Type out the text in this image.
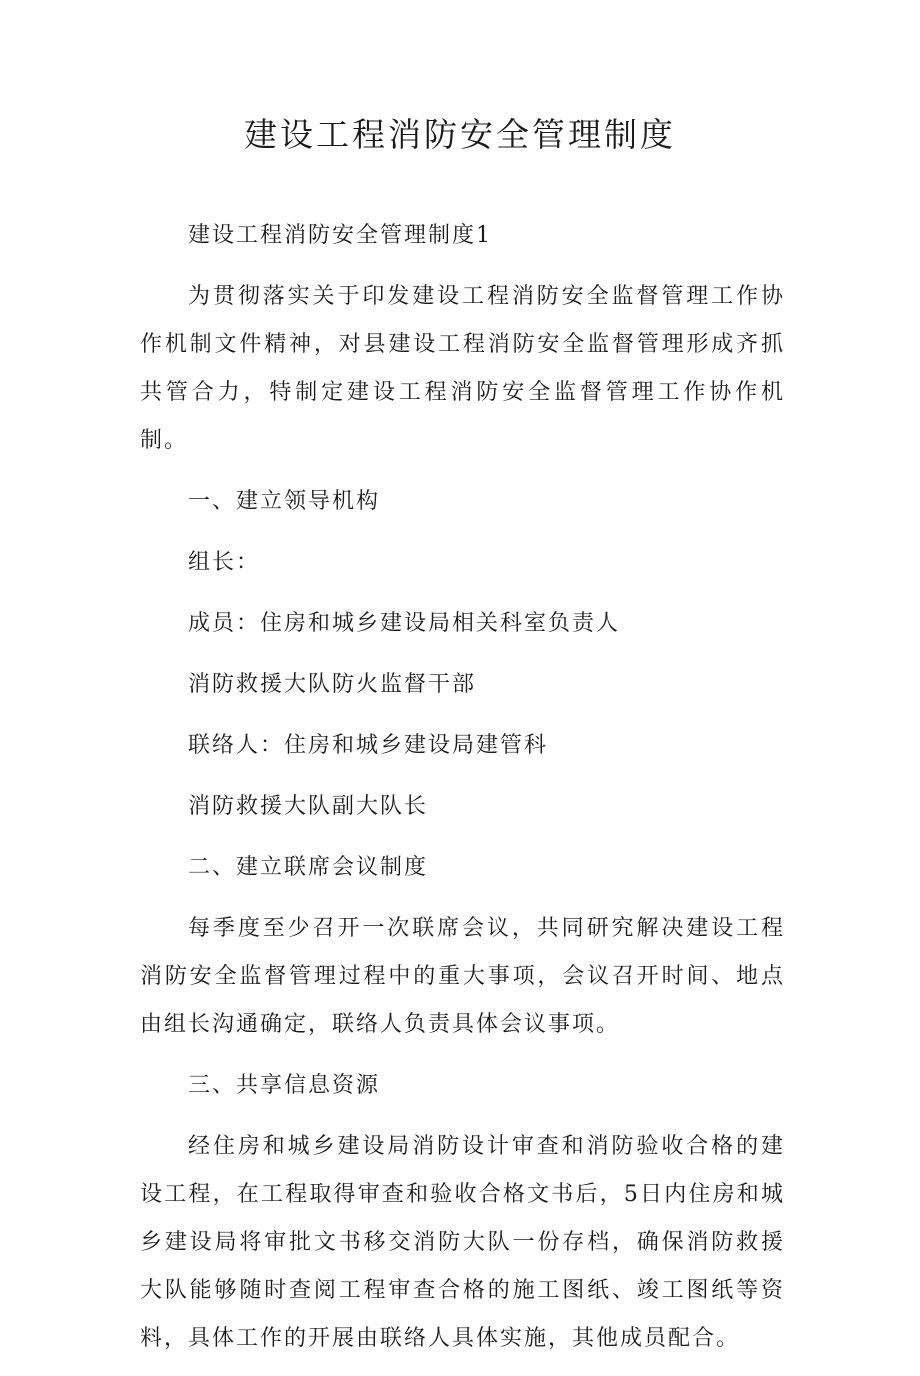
建设工程消防安全管理制度

建设工程消防安全管理制度1

为贯彻落实关于印发建设工程消防安全监督管理工作协作机制文件精神，对县建设工程消防安全监督管理形成齐抓共管合力，特制定建设工程消防安全监督管理工作协作机制。

一、建立领导机构

组长：

成员：住房和城乡建设局相关科室负责人

消防救援大队防火监督干部

联络人：住房和城乡建设局建管科

消防救援大队副大队长

二、建立联席会议制度

每季度至少召开一次联席会议，共同研究解决建设工程消防安全监督管理过程中的重大事项，会议召开时间、地点由组长沟通确定，联络人负责具体会议事项。

三、共享信息资源

经住房和城乡建设局消防设计审查和消防验收合格的建设工程，在工程取得审查和验收合格文书后，5日内住房和城乡建设局将审批文书移交消防大队一份存档，确保消防救援大队能够随时查阅工程审查合格的施工图纸、竣工图纸等资料，具体工作的开展由联络人具体实施，其他成员配合。
